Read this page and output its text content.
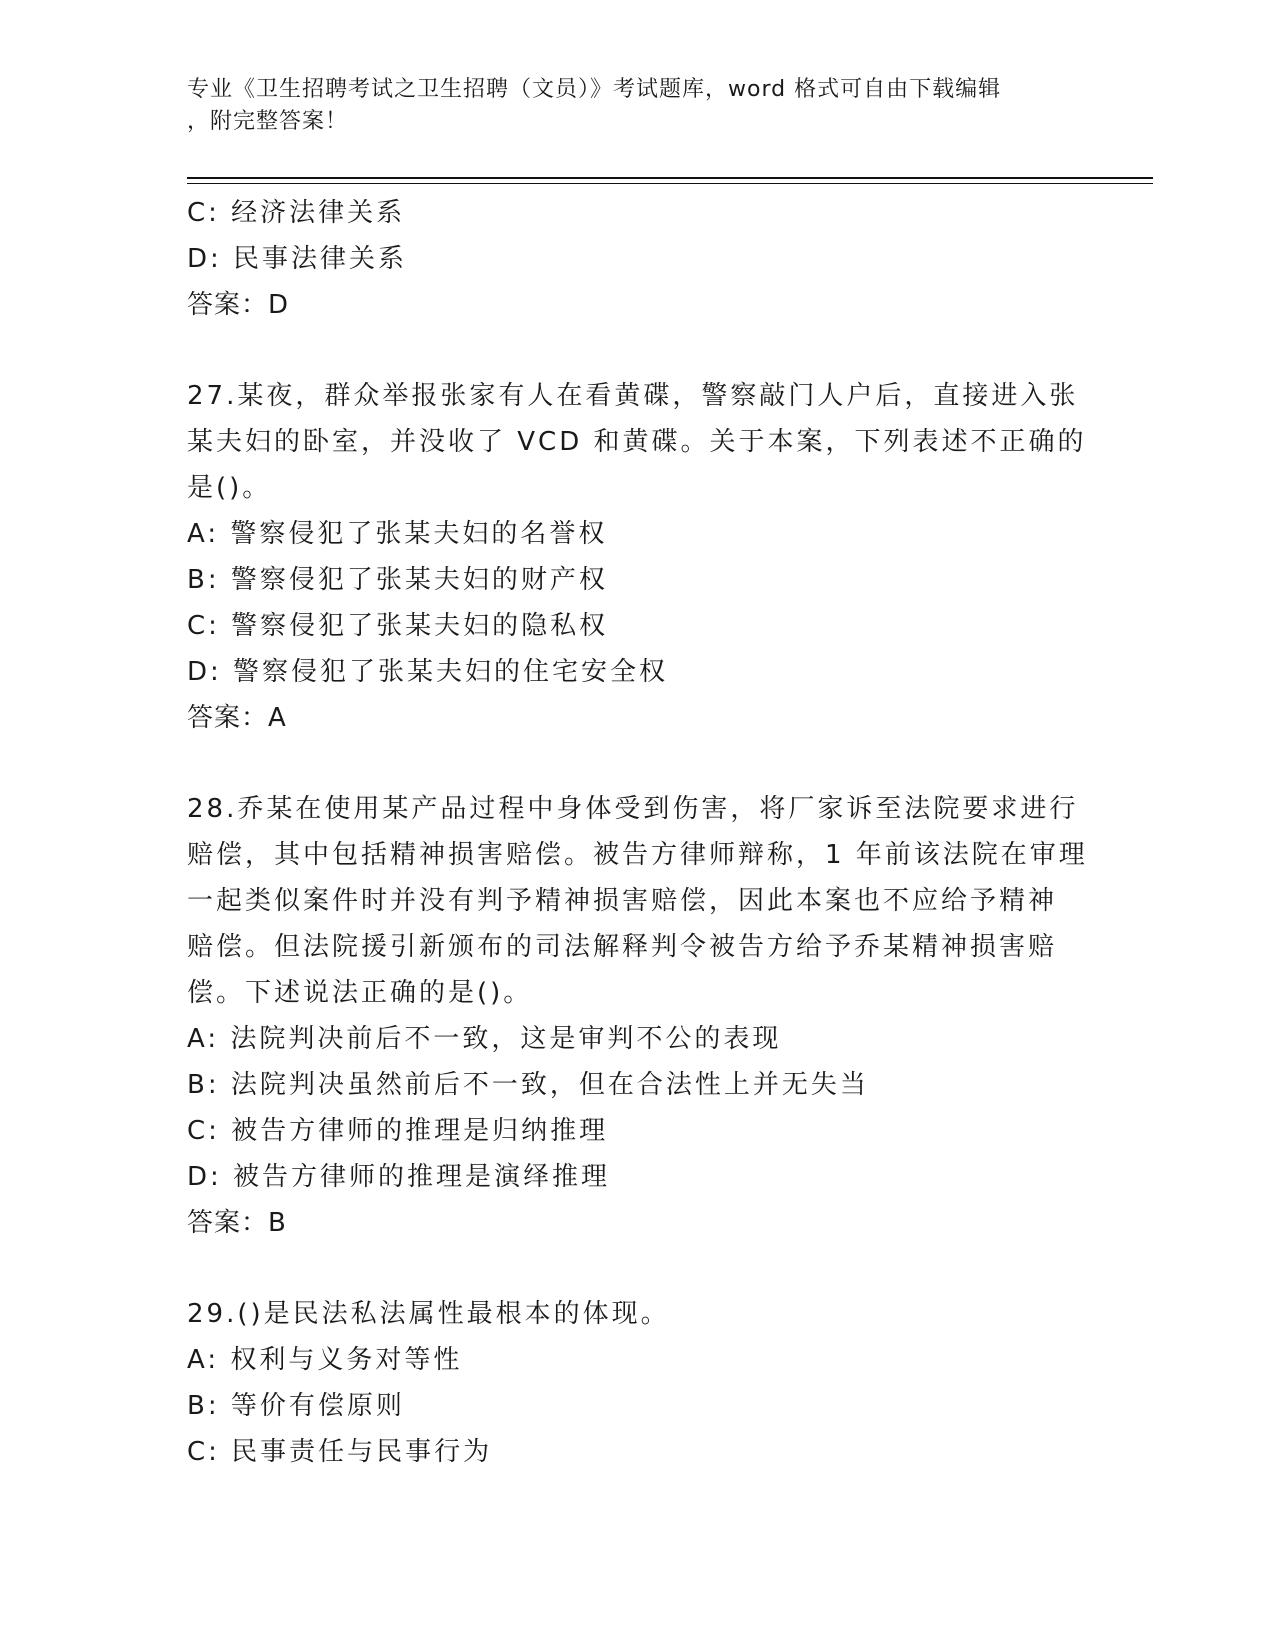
专业《卫生招聘考试之卫生招聘（文员）》考试题库，word 格式可自由下载编辑
，附完整答案！
C: 经济法律关系
D: 民事法律关系
答案：D
27.某夜，群众举报张家有人在看黄碟，警察敲门人户后，直接进入张
某夫妇的卧室，并没收了 VCD 和黄碟。关于本案，下列表述不正确的
是()。
A: 警察侵犯了张某夫妇的名誉权
B: 警察侵犯了张某夫妇的财产权
C: 警察侵犯了张某夫妇的隐私权
D: 警察侵犯了张某夫妇的住宅安全权
答案：A
28.乔某在使用某产品过程中身体受到伤害，将厂家诉至法院要求进行
赔偿，其中包括精神损害赔偿。被告方律师辩称，1 年前该法院在审理
一起类似案件时并没有判予精神损害赔偿，因此本案也不应给予精神
赔偿。但法院援引新颁布的司法解释判令被告方给予乔某精神损害赔
偿。下述说法正确的是()。
A: 法院判决前后不一致，这是审判不公的表现
B: 法院判决虽然前后不一致，但在合法性上并无失当
C: 被告方律师的推理是归纳推理
D: 被告方律师的推理是演绎推理
答案：B
29.()是民法私法属性最根本的体现。
A: 权利与义务对等性
B: 等价有偿原则
C: 民事责任与民事行为
